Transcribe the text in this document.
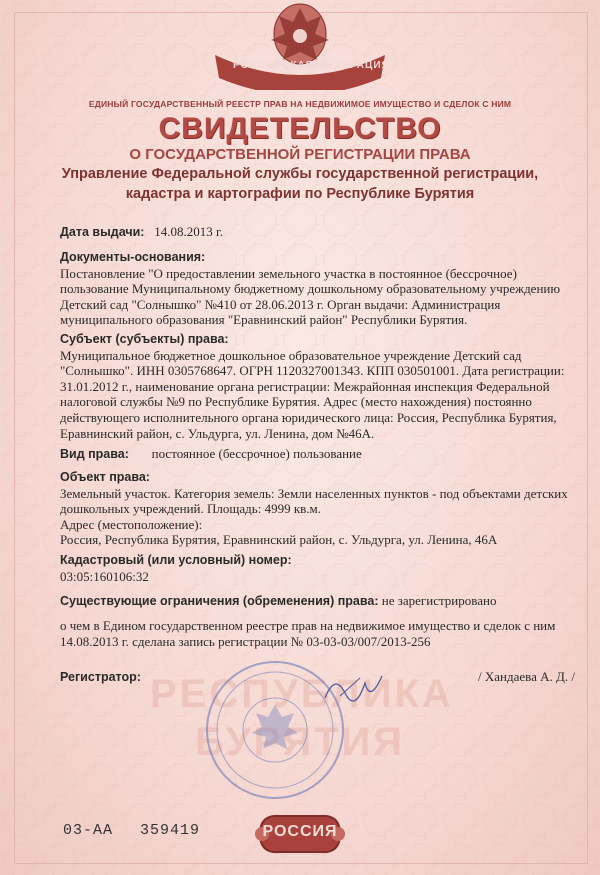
РОССИЙСКАЯ ФЕДЕРАЦИЯ
ЕДИНЫЙ ГОСУДАРСТВЕННЫЙ РЕЕСТР ПРАВ НА НЕДВИЖИМОЕ ИМУЩЕСТВО И СДЕЛОК С НИМ
СВИДЕТЕЛЬСТВО
О ГОСУДАРСТВЕННОЙ РЕГИСТРАЦИИ ПРАВА
Управление Федеральной службы государственной регистрации,
кадастра и картографии по Республике Бурятия
РЕСПУБЛИКА
БУРЯТИЯ
Дата выдачи: 14.08.2013 г.
Документы-основания:
Постановление "О предоставлении земельного участка в постоянное (бессрочное) пользование Муниципальному бюджетному дошкольному образовательному учреждению Детский сад "Солнышко" №410 от 28.06.2013 г. Орган выдачи: Администрация муниципального образования "Еравнинский район" Республики Бурятия.
Субъект (субъекты) права:
Муниципальное бюджетное дошкольное образовательное учреждение Детский сад "Солнышко". ИНН 0305768647. ОГРН 1120327001343. КПП 030501001. Дата регистрации: 31.01.2012 г., наименование органа регистрации: Межрайонная инспекция Федеральной налоговой службы №9 по Республике Бурятия. Адрес (место нахождения) постоянно действующего исполнительного органа юридического лица: Россия, Республика Бурятия, Еравнинский район, с. Ульдурга, ул. Ленина, дом №46А.
Вид права: постоянное (бессрочное) пользование
Объект права:
Земельный участок. Категория земель: Земли населенных пунктов - под объектами детских дошкольных учреждений. Площадь: 4999 кв.м.
Адрес (местоположение):
Россия, Республика Бурятия, Еравнинский район, с. Ульдурга, ул. Ленина, 46А
Кадастровый (или условный) номер:
03:05:160106:32
Существующие ограничения (обременения) права: не зарегистрировано
о чем в Едином государственном реестре прав на недвижимое имущество и сделок с ним 14.08.2013 г. сделана запись регистрации № 03-03-03/007/2013-256
Регистратор:	/ Хандаева А. Д. /
03-АА 359419	РОССИЯ
